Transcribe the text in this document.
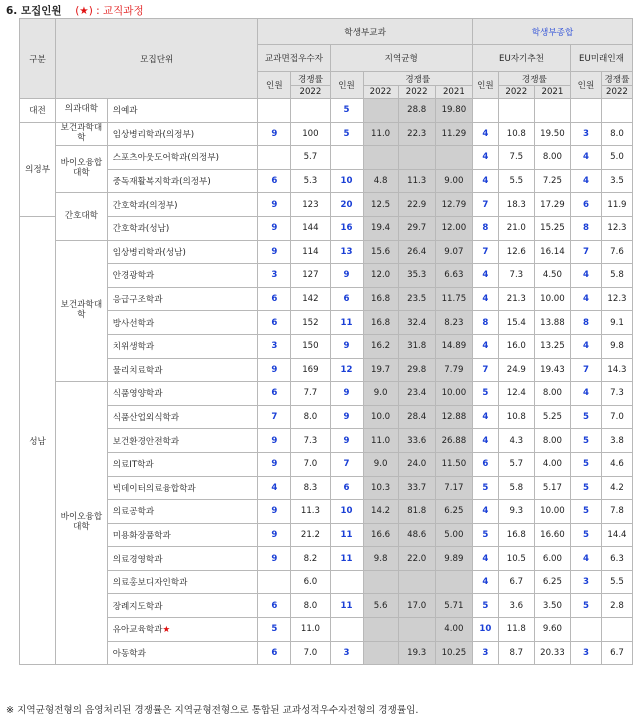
6. 모집인원 (★) : 교직과정
구분	모집단위		학생부교과						학생부종합				
			교과면접우수자		지역균형				EU자기추천			EU미래인재	
			인원	경쟁률	인원	경쟁률			인원	경쟁률		인원	경쟁률
				2022		2022	2022	2021		2022	2021		2022
대전	의과대학	의예과			5		28.8	19.80					
의정부	보건과학대학	임상병리학과(의정부)	9	100	5	11.0	22.3	11.29	4	10.8	19.50	3	8.0
	바이오융합대학	스포츠아웃도어학과(의정부)		5.7					4	7.5	8.00	4	5.0
		중독재활복지학과(의정부)	6	5.3	10	4.8	11.3	9.00	4	5.5	7.25	4	3.5
	간호대학	간호학과(의정부)	9	123	20	12.5	22.9	12.79	7	18.3	17.29	6	11.9
성남		간호학과(성남)	9	144	16	19.4	29.7	12.00	8	21.0	15.25	8	12.3
	보건과학대학	임상병리학과(성남)	9	114	13	15.6	26.4	9.07	7	12.6	16.14	7	7.6
		안경광학과	3	127	9	12.0	35.3	6.63	4	7.3	4.50	4	5.8
		응급구조학과	6	142	6	16.8	23.5	11.75	4	21.3	10.00	4	12.3
		방사선학과	6	152	11	16.8	32.4	8.23	8	15.4	13.88	8	9.1
		치위생학과	3	150	9	16.2	31.8	14.89	4	16.0	13.25	4	9.8
		물리치료학과	9	169	12	19.7	29.8	7.79	7	24.9	19.43	7	14.3
	바이오융합대학	식품영양학과	6	7.7	9	9.0	23.4	10.00	5	12.4	8.00	4	7.3
		식품산업외식학과	7	8.0	9	10.0	28.4	12.88	4	10.8	5.25	5	7.0
		보건환경안전학과	9	7.3	9	11.0	33.6	26.88	4	4.3	8.00	5	3.8
		의료IT학과	9	7.0	7	9.0	24.0	11.50	6	5.7	4.00	5	4.6
		빅데이터의료융합학과	4	8.3	6	10.3	33.7	7.17	5	5.8	5.17	5	4.2
		의료공학과	9	11.3	10	14.2	81.8	6.25	4	9.3	10.00	5	7.8
		미용화장품학과	9	21.2	11	16.6	48.6	5.00	5	16.8	16.60	5	14.4
		의료경영학과	9	8.2	11	9.8	22.0	9.89	4	10.5	6.00	4	6.3
		의료홍보디자인학과		6.0					4	6.7	6.25	3	5.5
		장례지도학과	6	8.0	11	5.6	17.0	5.71	5	3.6	3.50	5	2.8
		유아교육학과★	5	11.0				4.00	10	11.8	9.60		
		아동학과	6	7.0	3		19.3	10.25	3	8.7	20.33	3	6.7
※ 지역균형전형의 음영처리된 경쟁률은 지역균형전형으로 통합된 교과성적우수자전형의 경쟁률임.
